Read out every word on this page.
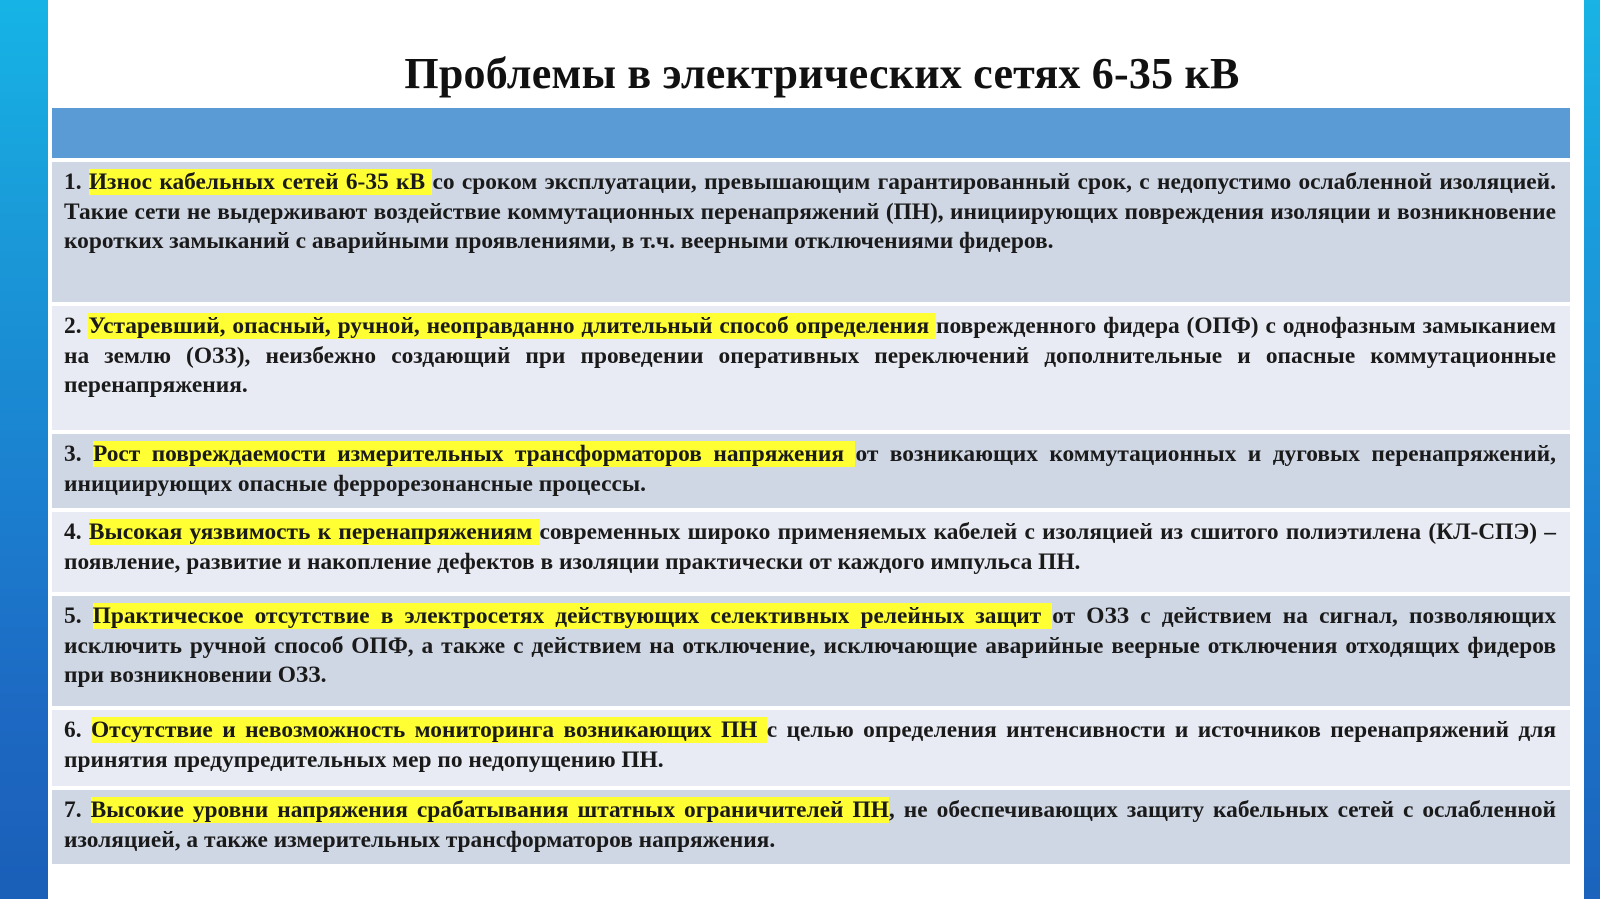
Проблемы в электрических сетях 6-35 кВ
1. Износ кабельных сетей 6-35 кВ со сроком эксплуатации, превышающим гарантированный срок, с недопустимо ослабленной изоляцией. Такие сети не выдерживают воздействие коммутационных перенапряжений (ПН), инициирующих повреждения изоляции и возникновение коротких замыканий с аварийными проявлениями, в т.ч. веерными отключениями фидеров.
2. Устаревший, опасный, ручной, неоправданно длительный способ определения поврежденного фидера (ОПФ) с однофазным замыканием на землю (ОЗЗ), неизбежно создающий при проведении оперативных переключений дополнительные и опасные коммутационные перенапряжения.
3. Рост повреждаемости измерительных трансформаторов напряжения от возникающих коммутационных и дуговых перенапряжений, инициирующих опасные феррорезонансные процессы.
4. Высокая уязвимость к перенапряжениям современных широко применяемых кабелей с изоляцией из сшитого полиэтилена (КЛ-СПЭ) – появление, развитие и накопление дефектов в изоляции практически от каждого импульса ПН.
5. Практическое отсутствие в электросетях действующих селективных релейных защит от ОЗЗ с действием на сигнал, позволяющих исключить ручной способ ОПФ, а также с действием на отключение, исключающие аварийные веерные отключения отходящих фидеров при возникновении ОЗЗ.
6. Отсутствие и невозможность мониторинга возникающих ПН с целью определения интенсивности и источников перенапряжений для принятия предупредительных мер по недопущению ПН.
7. Высокие уровни напряжения срабатывания штатных ограничителей ПН, не обеспечивающих защиту кабельных сетей с ослабленной изоляцией, а также измерительных трансформаторов напряжения.
